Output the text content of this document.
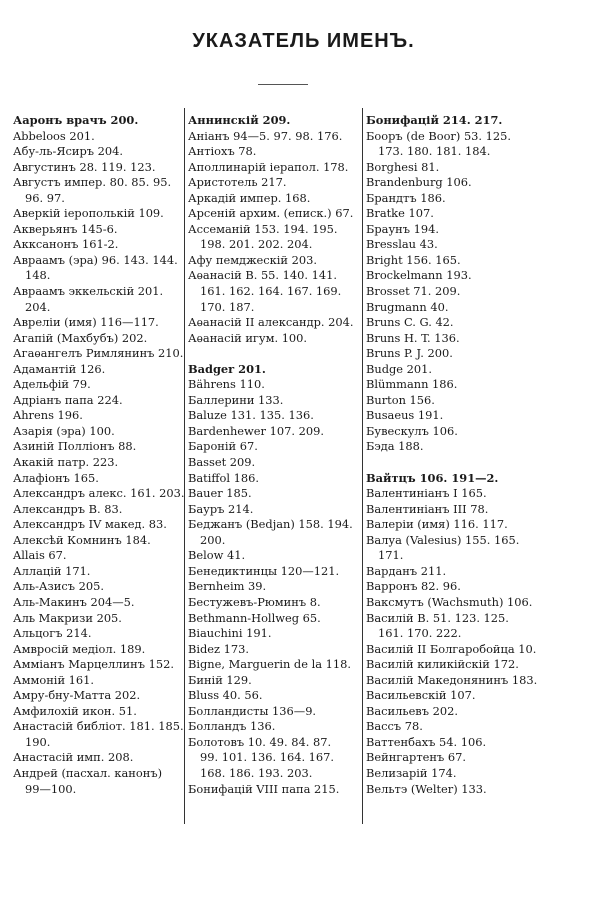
УКАЗАТЕЛЬ ИМЕНЪ.
Ааронъ врачъ 200.
Abbeloos 201.
Абу-ль-Ясиръ 204.
Августинъ 28. 119. 123.
Августъ импер. 80. 85. 95.
96. 97.
Аверкій іерополькій 109.
Акверьянъ 145-6.
Акксанонъ 161-2.
Авраамъ (эра) 96. 143. 144.
148.
Авраамъ эккельскій 201.
204.
Авреліи (имя) 116—117.
Агапій (Махбубъ) 202.
Агаѳангелъ Римлянинъ 210.
Адамантій 126.
Адельфій 79.
Адріанъ папа 224.
Ahrens 196.
Азарія (эра) 100.
Азиній Полліонъ 88.
Акакій патр. 223.
Алафіонъ 165.
Александръ алекс. 161. 203.
Александръ В. 83.
Александръ IV макед. 83.
Алексѣй Комнинъ 184.
Allais 67.
Аллацій 171.
Аль-Азисъ 205.
Аль-Макинъ 204—5.
Аль Макризи 205.
Альцогъ 214.
Амвросій медіол. 189.
Амміанъ Марцеллинъ 152.
Аммоній 161.
Амру-бну-Матта 202.
Амфилохій икон. 51.
Анастасій библіот. 181. 185.
190.
Анастасій имп. 208.
Андрей (пасхал. канонъ)
99—100.
Аннинскій 209.
Аніанъ 94—5. 97. 98. 176.
Антіохъ 78.
Аполлинарій іерапол. 178.
Аристотель 217.
Аркадій импер. 168.
Арсеній архим. (еписк.) 67.
Ассеманій 153. 194. 195.
198. 201. 202. 204.
Афу пемджескій 203.
Аѳанасій В. 55. 140. 141.
161. 162. 164. 167. 169.
170. 187.
Аѳанасій II александр. 204.
Аѳанасій игум. 100.
Badger 201.
Bährens 110.
Баллерини 133.
Baluze 131. 135. 136.
Bardenhewer 107. 209.
Бароній 67.
Basset 209.
Batiffol 186.
Bauer 185.
Бауръ 214.
Беджанъ (Bedjan) 158. 194.
200.
Below 41.
Бенедиктинцы 120—121.
Bernheim 39.
Бестужевъ-Рюминъ 8.
Bethmann-Hollweg 65.
Biauchini 191.
Bidez 173.
Bigne, Marguerin de la 118.
Биній 129.
Bluss 40. 56.
Болландисты 136—9.
Болландъ 136.
Болотовъ 10. 49. 84. 87.
99. 101. 136. 164. 167.
168. 186. 193. 203.
Бонифацій VIII папа 215.
Бонифацій 214. 217.
Бооръ (de Boor) 53. 125.
173. 180. 181. 184.
Borghesi 81.
Brandenburg 106.
Брандтъ 186.
Bratke 107.
Браунъ 194.
Bresslau 43.
Bright 156. 165.
Brockelmann 193.
Brosset 71. 209.
Brugmann 40.
Bruns C. G. 42.
Bruns H. T. 136.
Bruns P. J. 200.
Budge 201.
Blümmann 186.
Burton 156.
Busaeus 191.
Бувескулъ 106.
Бэда 188.
Вайтцъ 106. 191—2.
Валентиніанъ I 165.
Валентиніанъ III 78.
Валеріи (имя) 116. 117.
Валуа (Valesius) 155. 165.
171.
Варданъ 211.
Варронъ 82. 96.
Ваксмутъ (Wachsmuth) 106.
Василій В. 51. 123. 125.
161. 170. 222.
Василій II Болгаробойца 10.
Василій киликійскій 172.
Василій Македонянинъ 183.
Васильевскій 107.
Васильевъ 202.
Вассъ 78.
Ваттенбахъ 54. 106.
Вейнгартенъ 67.
Велизарій 174.
Вельтэ (Welter) 133.
